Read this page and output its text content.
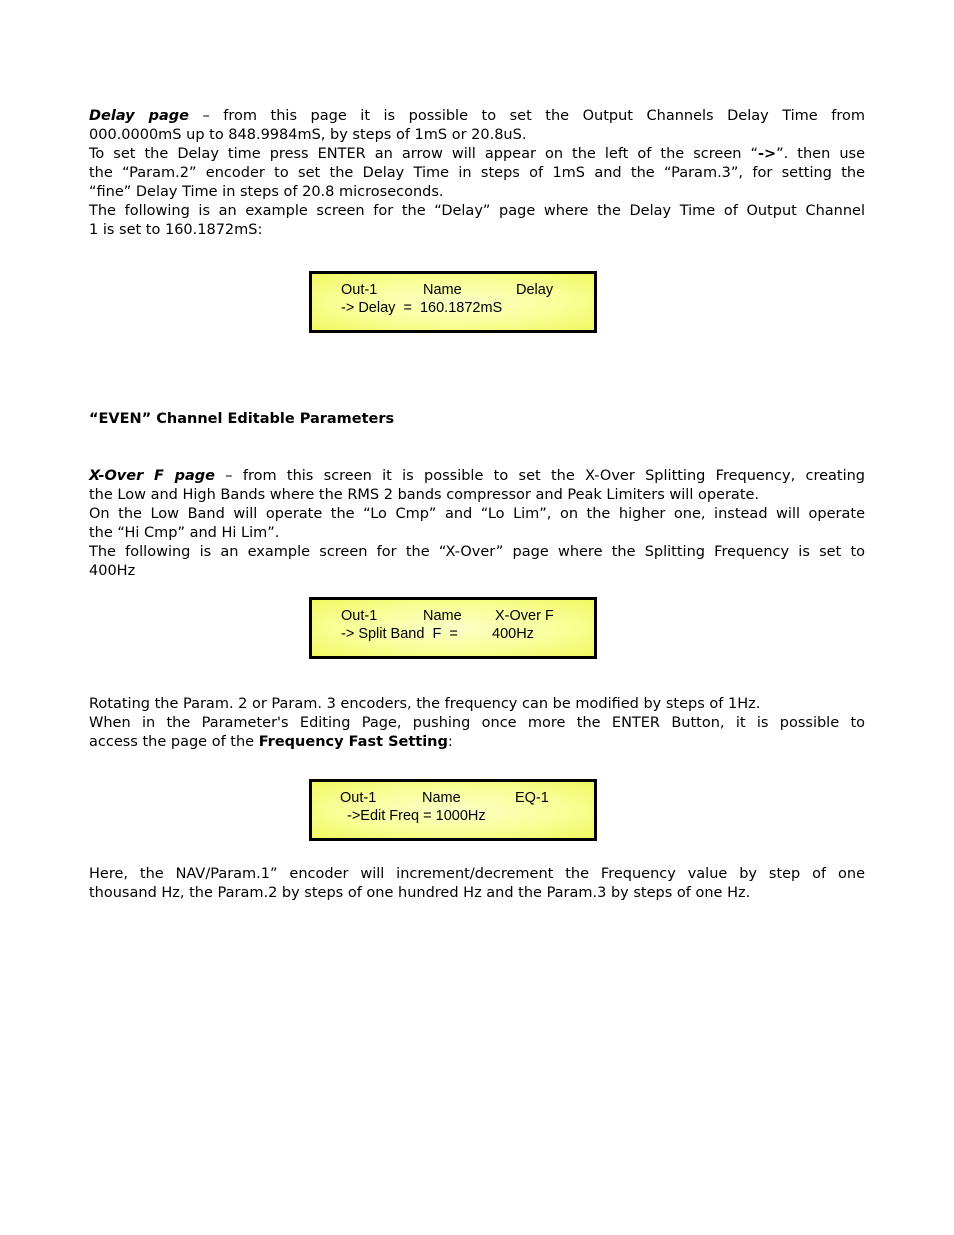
Delay page – from this page it is possible to set the Output Channels Delay Time from
000.0000mS up to 848.9984mS, by steps of 1mS or 20.8uS.
To set the Delay time press ENTER an arrow will appear on the left of the screen “->”. then use
the “Param.2” encoder to set the Delay Time in steps of 1mS and the “Param.3”, for setting the
“fine” Delay Time in steps of 20.8 microseconds.
The following is an example screen for the “Delay” page where the Delay Time of Output Channel
1 is set to 160.1872mS:
Out-1	Name	Delay
-> Delay  =  160.1872mS
“EVEN” Channel Editable Parameters
X-Over F page – from this screen it is possible to set the X-Over Splitting Frequency, creating
the Low and High Bands where the RMS 2 bands compressor and Peak Limiters will operate.
On the Low Band will operate the “Lo Cmp” and “Lo Lim”, on the higher one, instead will operate
the “Hi Cmp” and Hi Lim”.
The following is an example screen for the “X-Over” page where the Splitting Frequency is set to
400Hz
Out-1	Name X-Over F
-> Split Band  F  = 400Hz
Rotating the Param. 2 or Param. 3 encoders, the frequency can be modified by steps of 1Hz.
When in the Parameter's Editing Page, pushing once more the ENTER Button, it is possible to
access the page of the Frequency Fast Setting:
Out-1	Name	EQ-1
->Edit Freq = 1000Hz
Here, the NAV/Param.1” encoder will increment/decrement the Frequency value by step of one
thousand Hz, the Param.2 by steps of one hundred Hz and the Param.3 by steps of one Hz.
